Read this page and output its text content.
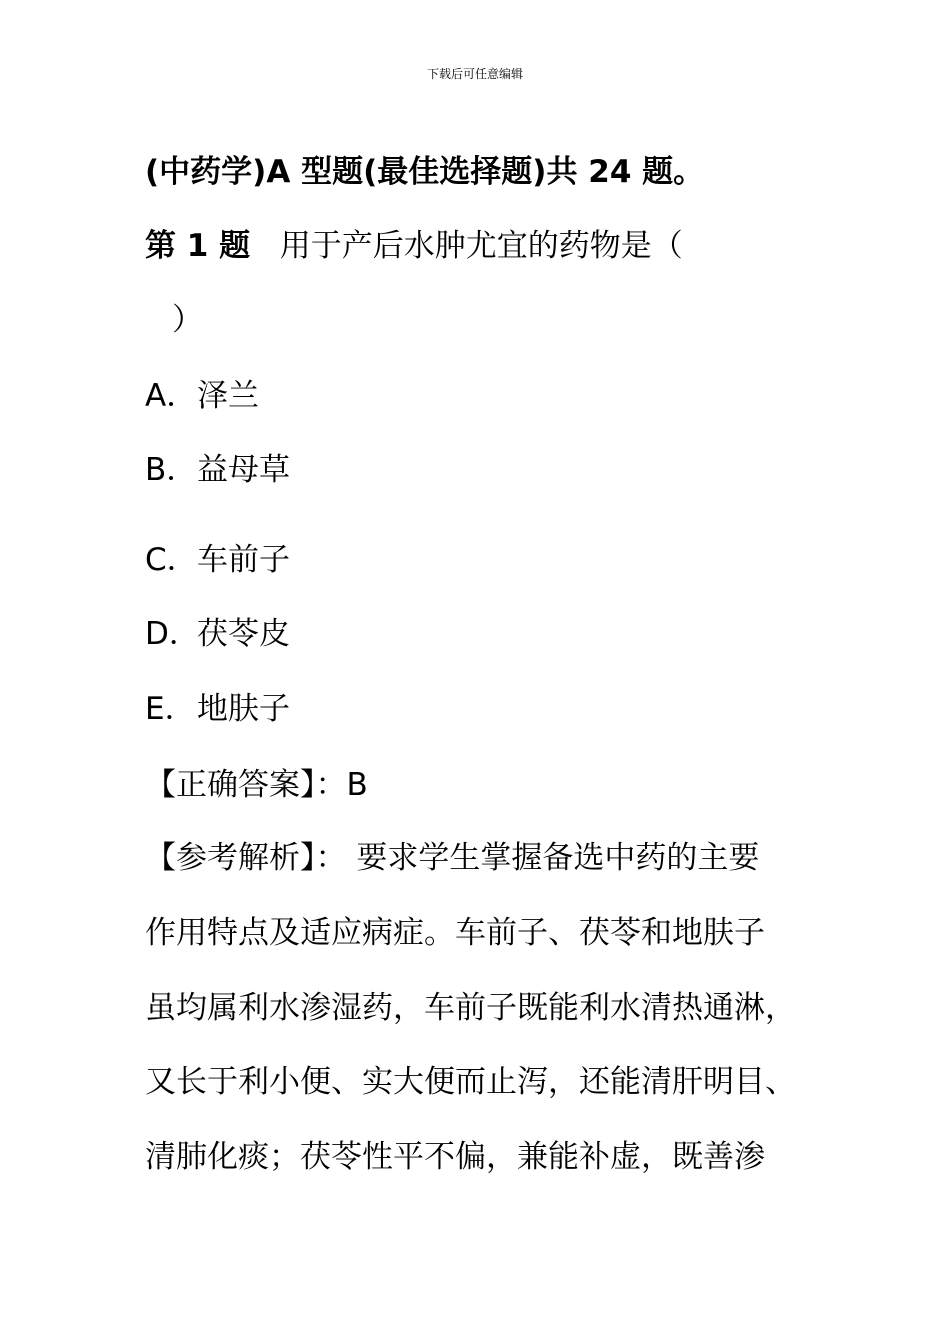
下载后可任意编辑
(中药学)A 型题(最佳选择题)共 24 题。
第 1 题 用于产后水肿尤宜的药物是（
）
A．泽兰
B．益母草
C．车前子
D．茯苓皮
E．地肤子
【正确答案】：B
【参考解析】： 要求学生掌握备选中药的主要
作用特点及适应病症。车前子、茯苓和地肤子
虽均属利水渗湿药，车前子既能利水清热通淋，
又长于利小便、实大便而止泻，还能清肝明目、
清肺化痰；茯苓性平不偏，兼能补虚，既善渗
